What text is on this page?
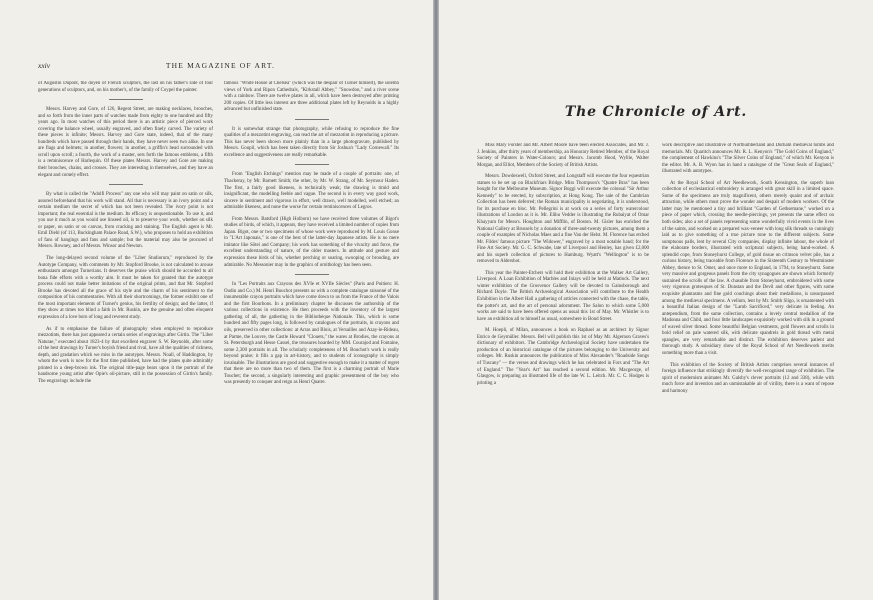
xxiv	THE MAGAZINE OF ART.

of Augustin Dupont, the doyen of French sculptors, the last on his father's side of four generations of sculptors, and, on his mother's, of the family of Coypel the painter.

Messrs. Harvey and Gore, of 126, Regent Street, are making necklaces, brooches, and so forth from the inner parts of watches made from eighty to one hundred and fifty years ago. In most watches of this period there is an artistic piece of pierced work covering the balance wheel, usually engraved, and often finely carved. The variety of these pieces is infinite; Messrs. Harvey and Gore state, indeed, that of the many hundreds which have passed through their hands, they have never seen two alike. In one are flags and helmets; in another, flowers; in another, a griffin's head surrounded with scroll upon scroll; a fourth, the work of a master, sets forth the famous emblems, a fifth is a reminiscence of Harlequin. Of these plates Messrs. Harvey and Gore are making their brooches, chains, and crosses. They are interesting in themselves, and they have an elegant and comely effect.

By what is called the "Adolfi Process" any one who will may paint on satin or silk, assured beforehand that his work will stand. All that is necessary is an ivory point and a certain medium the secret of which has not been revealed. The ivory point is not important; the real essential is the medium. Its efficacy is unquestionable. To use it, and you use it much as you would use linseed oil, is to preserve your work, whether on silk or paper, on satin or on canvas, from cracking and staining. The English agent is Mr. Emil Diehl (of 113, Buckingham Palace Road, S.W.), who proposes to hold an exhibition of fans of hangings and fans and sample; but the material may also be procured of Messrs. Rowney, and of Messrs. Winsor and Newton.

The long-delayed second volume of the "Liber Studiorum," reproduced by the Autotype Company, with comments by Mr. Stopford Brooke, is not calculated to arouse enthusiasm amongst Turnerians. It deserves the praise which should be accorded to all bona fide efforts with a worthy aim. It must be taken for granted that the autotype process could not make better imitations of the original prints, and that Mr. Stopford Brooke has devoted all the grace of his style and the charm of his sentiment to the composition of his commentaries. With all their shortcomings, the former exhibit one of the most important elements of Turner's genius, his fertility of design; and the latter, if they show at times too blind a faith in Mr. Ruskin, are the genuine and often eloquent expression of a love born of long and reverent study.

As if to emphasise the failure of photography when employed to reproduce mezzotints, there has just appeared a certain series of engravings after Girtin. The "Liber Naturae," executed about 1823-4 by that excellent engraver S. W. Reynolds, after some of the best drawings by Turner's boyish friend and rival, have all the qualities of richness, depth, and gradation which we miss in the autotypes. Messrs. Noall, of Haddington, by whom the work is now for the first time published, have had the plates quite admirably printed in a deep-brown ink. The original title-page bears upon it the portrait of the handsome young artist after Opie's oil-picture, still in the possession of Girtin's family. The engravings include the

famous "White House at Chelsea" (which was the despair of Turner himself), the solemn views of York and Ripon Cathedrals, "Kirkstall Abbey," "Snowdon," and a river scene with a rainbow. There are twelve plates in all, which have been destroyed after printing 200 copies. Of little less interest are three additional plates left by Reynolds in a highly advanced but unfinished state.

It is somewhat strange that photography, while refusing to reproduce the fine qualities of a mezzotint engraving, can read the art of mezzotint in reproducing a picture. This has never been shown more plainly than in a large photogravure, published by Messrs. Goupil, which has been taken directly from Sir Joshua's "Lady Cornewall." Its excellence and suggestiveness are really remarkable.

From "English Etchings" mention may be made of a couple of portraits: one, of Thackeray, by Mr. Barnett Smith; the other, by Mr. W. Strang, of Mr. Seymour Haden. The first, a fairly good likeness, is technically weak; the drawing is timid and insignificant, the modelling feeble and vague. The second is in every way good work, sincere in sentiment and vigorous in effort, well drawn, well modelled, well etched; an admirable likeness, and none the worse for certain reminiscences of Legros.

From Messrs. Batsford (High Holborn) we have received three volumes of Bigot's studies of birds, of which, it appears, they have received a limited number of copies from Japan. Bigot, one or two specimens of whose work were reproduced by M. Louis Gonse in "L'Art Japonais," is one of the best of the latter-day Japanese artists. He is no mere imitator like Sōtei and Company; his work has something of the vivacity and force, the excellent understanding of nature, of the older masters. In attitude and gesture and expression these birds of his, whether perching or soaring, swooping or brooding, are admirable. No Messonier may in the graphics of ornithology has been seen.

In "Les Portraits aux Crayons des XVIe et XVIIe Siècles" (Paris and Poitiers: H. Oudin and Co.) M. Henri Bouchot presents us with a complete catalogue raisonné of the innumerable crayon portraits which have come down to us from the France of the Valois and the first Bourbons. In a preliminary chapter he discusses the authorship of the various collections in existence. He then proceeds with the inventory of the largest gathering of all, the gathering in the Bibliothèque Nationale. This, which is some hundred and fifty pages long, is followed by catalogues of the portraits, in crayons and oils, preserved in other collections: at Arras and Blois, at Versailles and Azay-le-Rideau, at Parme, the Louvre, the Castle Howard "Clouets," the wares at Brodies, the crayons at St. Petersburgh and Hesse Cassel, the treasures hoarded by MM. Courajod and Fontaine, some 2,300 portraits in all. The scholarly completeness of M. Bouchot's work is really beyond praise; it fills a gap in art-history, and to students of iconography is simply invaluable. The illustrations are good and suggestive enough to make it a matter of regret that there are no more than two of them. The first is a charming portrait of Marie Touchet; the second, a singularly interesting and graphic presentment of the boy who was presently to conquer and reign as Henri Quatre.

The Chronicle of Art.

Miss Mary Forster and Mr. Albert Moore have been elected Associates, and Mr. J. J. Jenkins, after thirty years of membership, an Honorary Retired Member, of the Royal Society of Painters in Water-Colours; and Messrs. Jacomb Hood, Wyllie, Walter Morgan, and Elliot, Members of the Society of British Artists.

Messrs. Dowdeswell, Oxford Street, and Longstaff will execute the four equestrian statues to be set up on Blackfriars Bridge. Miss Thompson's "Quatre Bras" has been bought for the Melbourne Museum. Signor Boggi will execute the colossal "Sir Arthur Kennedy" to be erected, by subscription, at Hong Kong. The sale of the Cambrian Collection has been deferred; the Roman municipality is negotiating, it is understood, for its purchase en bloc. Mr. Pellegrini is at work on a series of forty watercolour illustrations of London as it is. Mr. Elihu Vedder is illustrating the Rubaiyat of Omar Khayyam for Messrs. Houghton and Mifflin, of Boston. M. Gisler has enriched the National Gallery at Brussels by a donation of three-and-twenty pictures, among them a couple of examples of Nicholas Maes and a fine Van der Helst. M. Florence has etched Mr. Fildes' famous picture "The Widower," engraved by a most notable hand; for the Fine Art Society. Mr. G. C. Schwabe, late of Liverpool and Henley, has given £2,000 and his superb collection of pictures to Hamburg. Wyatt's "Wellington" is to be removed to Aldershot.

This year the Painter-Etchers will hold their exhibition at the Walker Art Gallery, Liverpool. A Loan Exhibition of Marbles and Inlays will be held at Matlock. The next winter exhibition of the Grosvenor Gallery will be devoted to Gainsborough and Richard Doyle. The British Archæological Association will contribute to the Health Exhibition in the Albert Hall a gathering of articles connected with the chase, the table, the potter's art, and the art of personal adornment. The Salon to which some 5,000 works are said to have been offered opens as usual this 1st of May. Mr. Whistler is to have an exhibition all to himself as usual, somewhere in Bond Street.

M. Hoepli, of Milan, announces a book on Raphael as an architect by Signor Enrico de Geymüller. Messrs. Bell will publish this 1st of May Mr. Algernon Graves's dictionary of exhibitors. The Cambridge Archæological Society have undertaken the production of an historical catalogue of the pictures belonging to the University and colleges. Mr. Ruskin announces the publication of Miss Alexander's "Roadside Songs of Tuscany" — the verses and drawings which he has celebrated in Fors and "The Art of England." The "Year's Art" has reached a second edition. Mr. Macgeorge, of Glasgow, is preparing an illustrated life of the late W. L. Leitch. Mr. C. C. Hodges is printing a

work descriptive and illustrative of Northumberland and Durham mediæval tombs and memorials. Mr. Quaritch announces Mr. R. L. Kenyon's "The Gold Coins of England," the complement of Hawkins's "The Silver Coins of England," of which Mr. Kenyon is the editor. Mr. A. B. Wyon has in hand a catalogue of the "Great Seals of England," illustrated with autotypes.

At the Royal School of Art Needlework, South Kensington, the superb loan collection of ecclesiastical embroidery is arranged with great skill in a limited space. Some of the specimens are truly magnificent, others merely quaint and of archaic attraction, while others must prove the wonder and despair of modern workers. Of the latter may be mentioned a tiny and brilliant "Garden of Gethsemane," worked on a piece of paper which, crossing the needle-piercings, yet presents the same effect on both sides; also a set of panels representing some wonderfully vivid events in the lives of the saints, and worked on a prepared wax-veneer with long silk threads so cunningly laid as to give something of a true picture tone to the different subjects. Some sumptuous palls, lent by several City companies, display infinite labour, the whole of the elaborate borders, illustrated with scriptural subjects, being hand-worked. A splendid cope, from Stoneyhurst College, of gold tissue on crimson velvet pile, has a curious history, being traceable from Florence in the Sixteenth Century to Westminster Abbey, thence to St. Omer, and once more to England, in 1794, to Stoneyhurst. Some very massive and gorgeous panels from the city synagogues are shown which formerly sustained the scrolls of the law. A chasuble from Stoneyhurst, embroidered with some very vigorous grotesques of St. Dunstan and the Devil and other figures, with some exquisite phantasms and fine gold couchings about their medallions, is unsurpassed among the mediæval specimens. A vellum, lent by Mr. Smith Sligo, is ornamented with a beautiful Italian design of the "Lamb Sacrificed," very delicate in feeling. An antependium, from the same collection, contains a lovely central medallion of the Madonna and Child, and four little landscapes exquisitely worked with silk in a ground of waved silver thread. Some beautiful Belgian vestments, gold flowers and scrolls in bold relief on pale watered silk, with delicate spandrels in gold thread with metal spangles, are very remarkable and distinct. The exhibition deserves patient and thorough study. A subsidiary show of the Royal School of Art Needlework merits something more than a visit.

This exhibition of the Society of British Artists comprises several instances of foreign influence that strikingly diversify the well-recognised range of exhibition. The spirit of modernism animates Mr. Galsby's clever portraits (12 and 338), while with much force and invention and an unmistakable air of virility, there is a want of repose and harmony
